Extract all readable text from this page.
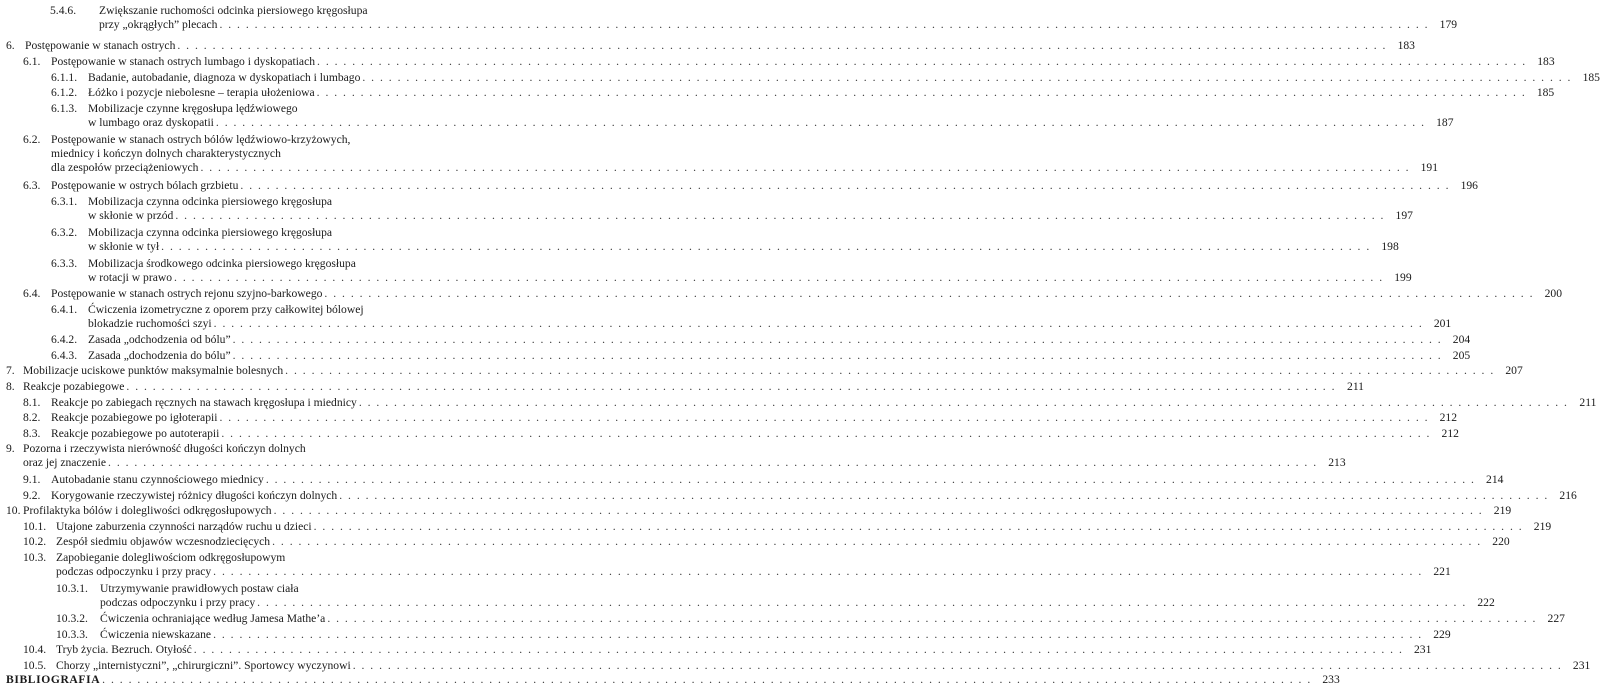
5.4.6.	Zwiększanie ruchomości odcinka piersiowego kręgosłupa
przy „okrągłych” plecach . . .	179
6. Postępowanie w stanach ostrych . . .	183
6.1. Postępowanie w stanach ostrych lumbago i dyskopatiach . . .	183
6.1.1. Badanie, autobadanie, diagnoza w dyskopatiach i lumbago . . .	185
6.1.2. Łóżko i pozycje niebolesne – terapia ułożeniowa . . .	185
6.1.3. Mobilizacje czynne kręgosłupa lędźwiowego
w lumbago oraz dyskopatii . . .	187
6.2. Postępowanie w stanach ostrych bólów lędźwiowo-krzyżowych,
miednicy i kończyn dolnych charakterystycznych
dla zespołów przeciążeniowych . . .	191
6.3. Postępowanie w ostrych bólach grzbietu . . .	196
6.3.1. Mobilizacja czynna odcinka piersiowego kręgosłupa
w skłonie w przód . . .	197
6.3.2. Mobilizacja czynna odcinka piersiowego kręgosłupa
w skłonie w tył . . .	198
6.3.3. Mobilizacja środkowego odcinka piersiowego kręgosłupa
w rotacji w prawo . . .	199
6.4. Postępowanie w stanach ostrych rejonu szyjno-barkowego . . .	200
6.4.1. Ćwiczenia izometryczne z oporem przy całkowitej bólowej
blokadzie ruchomości szyi . . .	201
6.4.2. Zasada „odchodzenia od bólu” . . .	204
6.4.3. Zasada „dochodzenia do bólu” . . .	205
7. Mobilizacje uciskowe punktów maksymalnie bolesnych . . .	207
8. Reakcje pozabiegowe . . .	211
8.1. Reakcje po zabiegach ręcznych na stawach kręgosłupa i miednicy . . .	211
8.2. Reakcje pozabiegowe po igłoterapii . . .	212
8.3. Reakcje pozabiegowe po autoterapii . . .	212
9. Pozorna i rzeczywista nierówność długości kończyn dolnych
oraz jej znaczenie . . .	213
9.1. Autobadanie stanu czynnościowego miednicy . . .	214
9.2. Korygowanie rzeczywistej różnicy długości kończyn dolnych . . .	216
10. Profilaktyka bólów i dolegliwości odkręgosłupowych . . .	219
10.1. Utajone zaburzenia czynności narządów ruchu u dzieci . . .	219
10.2. Zespół siedmiu objawów wczesnodziecięcych . . .	220
10.3. Zapobieganie dolegliwościom odkręgosłupowym
podczas odpoczynku i przy pracy . . .	221
10.3.1.	Utrzymywanie prawidłowych postaw ciała
podczas odpoczynku i przy pracy . . .	222
10.3.2.	Ćwiczenia ochraniające według Jamesa Mathe’a . . .	227
10.3.3.	Ćwiczenia niewskazane . . .	229
10.4. Tryb życia. Bezruch. Otyłość . . .	231
10.5. Chorzy „internistyczni”, „chirurgiczni”. Sportowcy wyczynowi . . .	231
BIBLIOGRAFIA . . .	233
